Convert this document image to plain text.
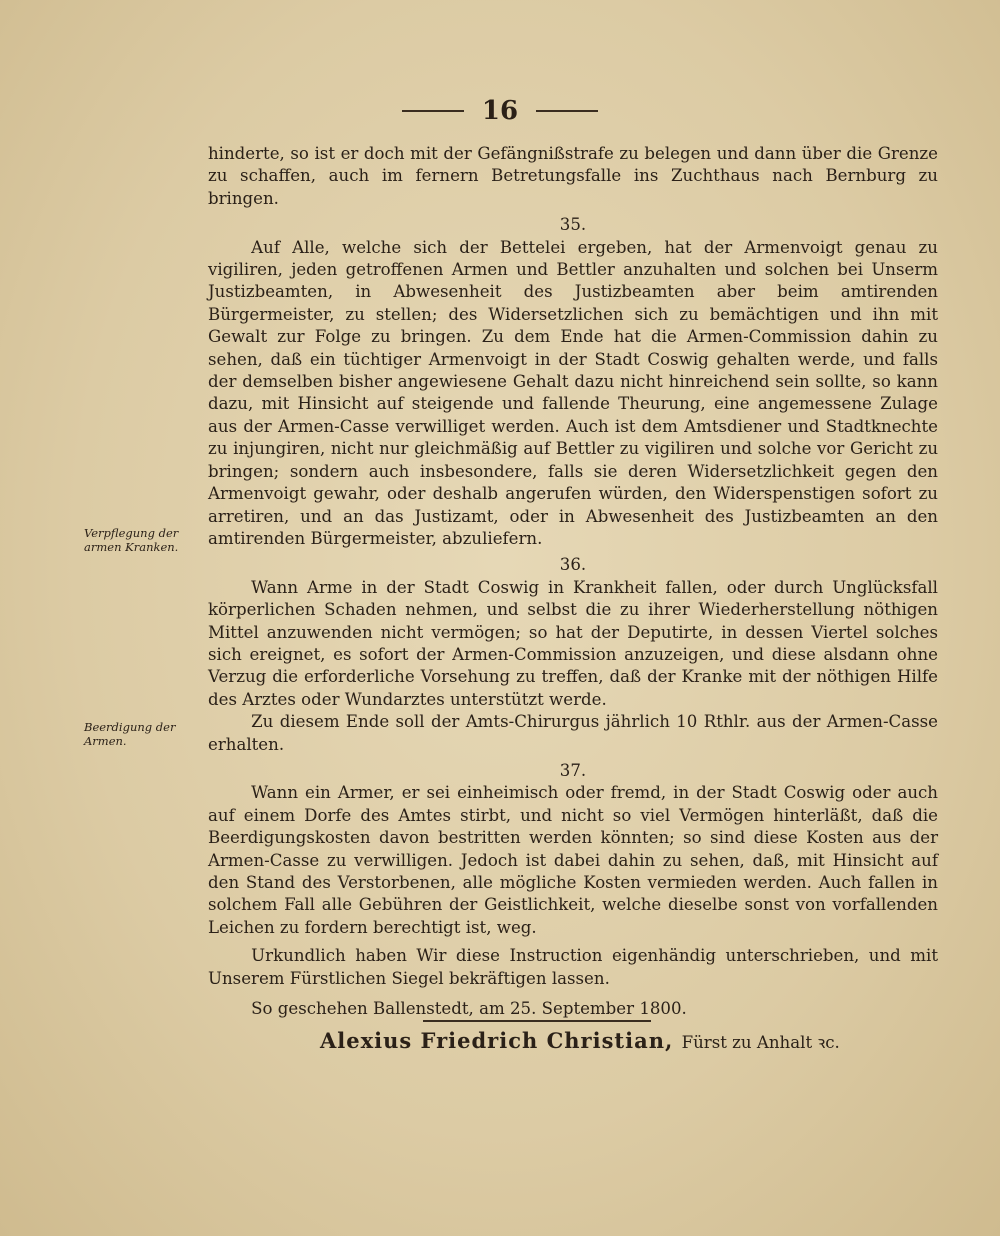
16
Verpflegung der armen Kranken.
Beerdigung der Armen.

hinderte, so ist er doch mit der Gefängnißstrafe zu belegen und dann über die Grenze zu schaffen, auch im fernern Betretungsfalle ins Zuchthaus nach Bernburg zu bringen.

35.

Auf Alle, welche sich der Bettelei ergeben, hat der Armenvoigt genau zu vigiliren, jeden getroffenen Armen und Bettler anzuhalten und solchen bei Unserm Justizbeamten, in Abwesenheit des Justizbeamten aber beim amtirenden Bürgermeister, zu stellen; des Widersetzlichen sich zu bemächtigen und ihn mit Gewalt zur Folge zu bringen. Zu dem Ende hat die Armen-Commission dahin zu sehen, daß ein tüchtiger Armenvoigt in der Stadt Coswig gehalten werde, und falls der demselben bisher angewiesene Gehalt dazu nicht hinreichend sein sollte, so kann dazu, mit Hinsicht auf steigende und fallende Theurung, eine angemessene Zulage aus der Armen-Casse verwilliget werden. Auch ist dem Amtsdiener und Stadtknechte zu injungiren, nicht nur gleichmäßig auf Bettler zu vigiliren und solche vor Gericht zu bringen; sondern auch insbesondere, falls sie deren Widersetzlichkeit gegen den Armenvoigt gewahr, oder deshalb angerufen würden, den Widerspenstigen sofort zu arretiren, und an das Justizamt, oder in Abwesenheit des Justizbeamten an den amtirenden Bürgermeister, abzuliefern.

36.

Wann Arme in der Stadt Coswig in Krankheit fallen, oder durch Unglücksfall körperlichen Schaden nehmen, und selbst die zu ihrer Wiederherstellung nöthigen Mittel anzuwenden nicht vermögen; so hat der Deputirte, in dessen Viertel solches sich ereignet, es sofort der Armen-Commission anzuzeigen, und diese alsdann ohne Verzug die erforderliche Vorsehung zu treffen, daß der Kranke mit der nöthigen Hilfe des Arztes oder Wundarztes unterstützt werde.

Zu diesem Ende soll der Amts-Chirurgus jährlich 10 Rthlr. aus der Armen-Casse erhalten.

37.

Wann ein Armer, er sei einheimisch oder fremd, in der Stadt Coswig oder auch auf einem Dorfe des Amtes stirbt, und nicht so viel Vermögen hinterläßt, daß die Beerdigungskosten davon bestritten werden könnten; so sind diese Kosten aus der Armen-Casse zu verwilligen. Jedoch ist dabei dahin zu sehen, daß, mit Hinsicht auf den Stand des Verstorbenen, alle mögliche Kosten vermieden werden. Auch fallen in solchem Fall alle Gebühren der Geistlichkeit, welche dieselbe sonst von vorfallenden Leichen zu fordern berechtigt ist, weg.

Urkundlich haben Wir diese Instruction eigenhändig unterschrieben, und mit Unserem Fürstlichen Siegel bekräftigen lassen.

So geschehen Ballenstedt, am 25. September 1800.

Alexius Friedrich Christian, Fürst zu Anhalt ꝛc.
